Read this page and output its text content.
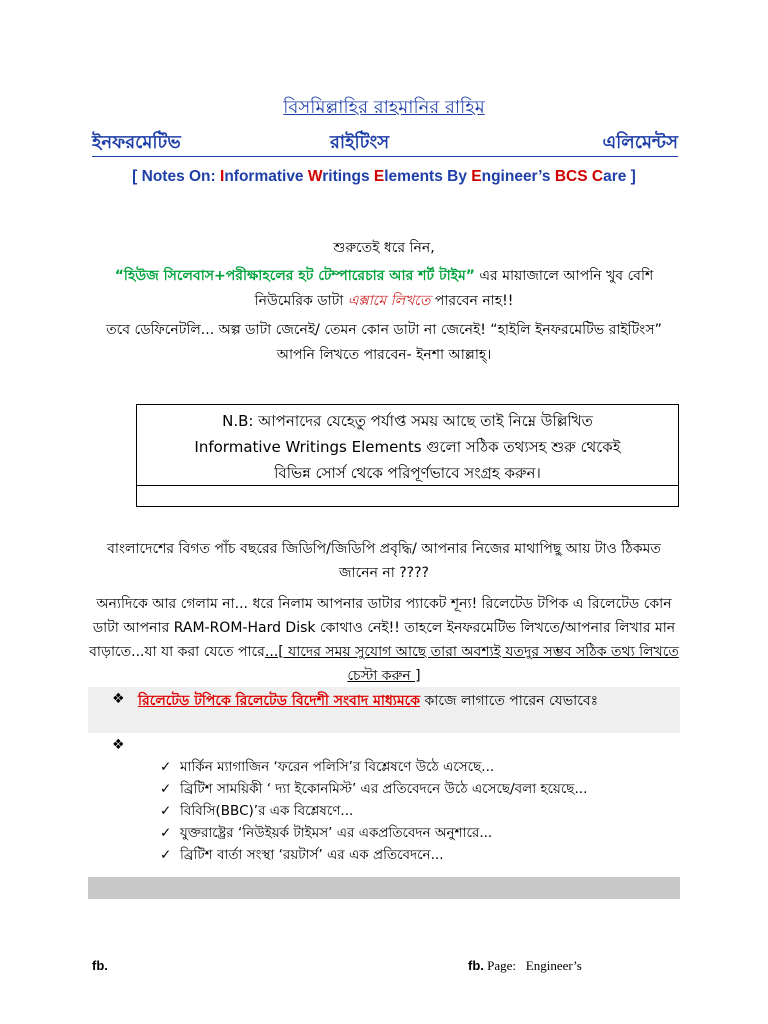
বিসমিল্লাহির রাহমানির রাহিম
ইনফরমেটিভ	রাইটিংস	এলিমেন্টস
[ Notes On: Informative Writings Elements By Engineer’s BCS Care ]
শুরুতেই ধরে নিন,
“হিউজ সিলেবাস+পরীক্ষাহলের হট টেম্পারেচার আর শর্ট টাইম” এর মায়াজালে আপনি খুব বেশি নিউমেরিক ডাটা এক্সামে লিখতে পারবেন নাহ!!
তবে ডেফিনেটলি... অল্প ডাটা জেনেই/ তেমন কোন ডাটা না জেনেই! “হাইলি ইনফরমেটিভ রাইটিংস” আপনি লিখতে পারবেন- ইনশা আল্লাহ্‌।
N.B: আপনাদের যেহেতু পর্যাপ্ত সময় আছে তাই নিম্নে উল্লিখিত
Informative Writings Elements গুলো সঠিক তথ্যসহ শুরু থেকেই
বিভিন্ন সোর্স থেকে পরিপূর্ণভাবে সংগ্রহ করুন।
বাংলাদেশের বিগত পাঁচ বছরের জিডিপি/জিডিপি প্রবৃদ্ধি/ আপনার নিজের মাথাপিছু আয় টাও ঠিকমত জানেন না ????
অন্যদিকে আর গেলাম না... ধরে নিলাম আপনার ডাটার প্যাকেট শূন্য! রিলেটেড টপিক এ রিলেটেড কোন ডাটা আপনার RAM-ROM-Hard Disk কোথাও নেই!! তাহলে ইনফরমেটিভ লিখতে/আপনার লিখার মান বাড়াতে...যা যা করা যেতে পারে...[ যাদের সময় সুযোগ আছে তারা অবশ্যই যতদুর সম্ভব সঠিক তথ্য লিখতে চেস্টা করুন ]
❖ রিলেটেড টপিকে রিলেটেড বিদেশী সংবাদ মাধ্যমকে কাজে লাগাতে পারেন যেভাবেঃ
❖
✓ মার্কিন ম্যাগাজিন ‘ফরেন পলিসি’র বিশ্লেষণে উঠে এসেছে...
✓ ব্রিটিশ সাময়িকী ‘ দ্যা ইকোনমিস্ট’ এর প্রতিবেদনে উঠে এসেছে/বলা হয়েছে...
✓ বিবিসি(BBC)’র এক বিশ্লেষণে...
✓ যুক্তরাষ্ট্রের ‘নিউইয়র্ক টাইমস’ এর একপ্রতিবেদন অনুশারে...
✓ ব্রিটিশ বার্তা সংস্থা ‘রয়টার্স’ এর এক প্রতিবেদনে...
fb.	fb. Page:   Engineer’s
